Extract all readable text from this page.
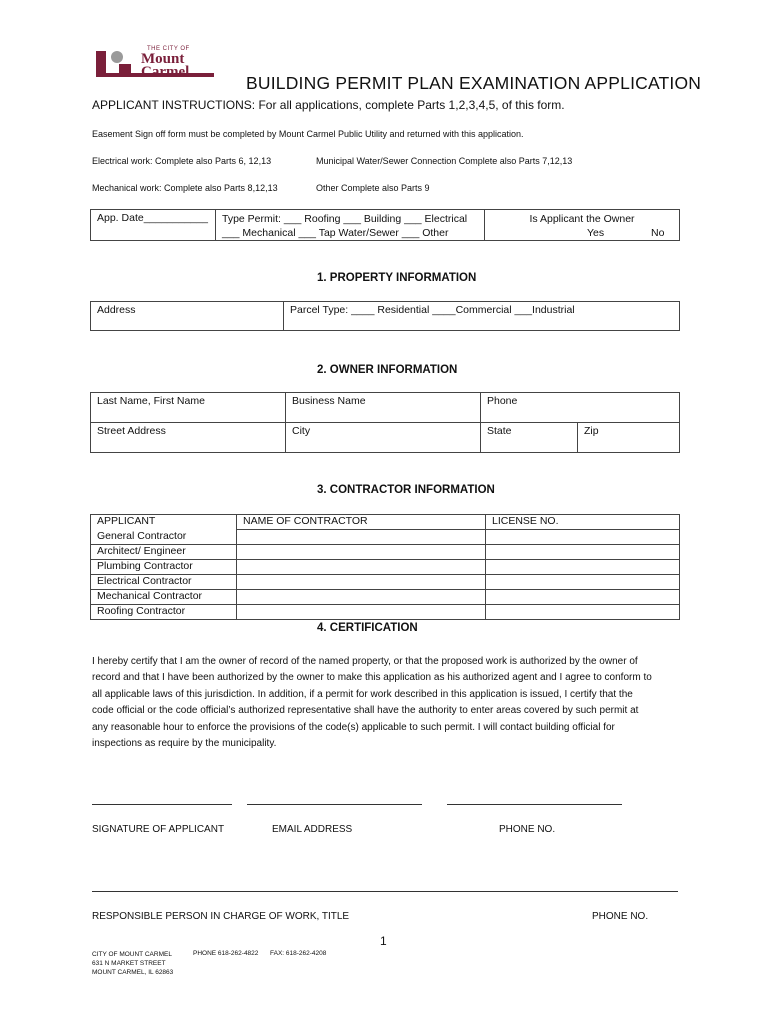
THE CITY OF
Mount
Carmel
BUILDING PERMIT PLAN EXAMINATION APPLICATION
APPLICANT INSTRUCTIONS: For all applications, complete Parts 1,2,3,4,5, of this form.
Easement Sign off form must be completed by Mount Carmel Public Utility and returned with this application.
Electrical work: Complete also Parts 6, 12,13	Municipal Water/Sewer Connection Complete also Parts 7,12,13
Mechanical work: Complete also Parts 8,12,13	Other Complete also Parts 9
App. Date___________	Type Permit: ___ Roofing ___ Building ___ Electrical
___ Mechanical ___ Tap Water/Sewer ___ Other

Is Applicant the Owner
Yes	No
1. PROPERTY INFORMATION
Address	Parcel Type: ____ Residential ____Commercial ___Industrial
2. OWNER INFORMATION
Last Name, First Name	Business Name	Phone	
Street Address	City	State	Zip
3. CONTRACTOR INFORMATION
APPLICANT	NAME OF CONTRACTOR	LICENSE NO.
General Contractor		
Architect/ Engineer		
Plumbing Contractor		
Electrical Contractor		
Mechanical Contractor		
Roofing Contractor		
4. CERTIFICATION
I hereby certify that I am the owner of record of the named property, or that the proposed work is authorized by the owner of
record and that I have been authorized by the owner to make this application as his authorized agent and I agree to conform to
all applicable laws of this jurisdiction. In addition, if a permit for work described in this application is issued, I certify that the
code official or the code official’s authorized representative shall have the authority to enter areas covered by such permit at
any reasonable hour to enforce the provisions of the code(s) applicable to such permit. I will contact building official for
inspections as require by the municipality.
SIGNATURE OF APPLICANT	EMAIL ADDRESS	PHONE NO.
RESPONSIBLE PERSON IN CHARGE OF WORK, TITLE	PHONE NO.
1
CITY OF MOUNT CARMEL
631 N MARKET STREET
MOUNT CARMEL, IL 62863
PHONE 618-262-4822 FAX: 618-262-4208
